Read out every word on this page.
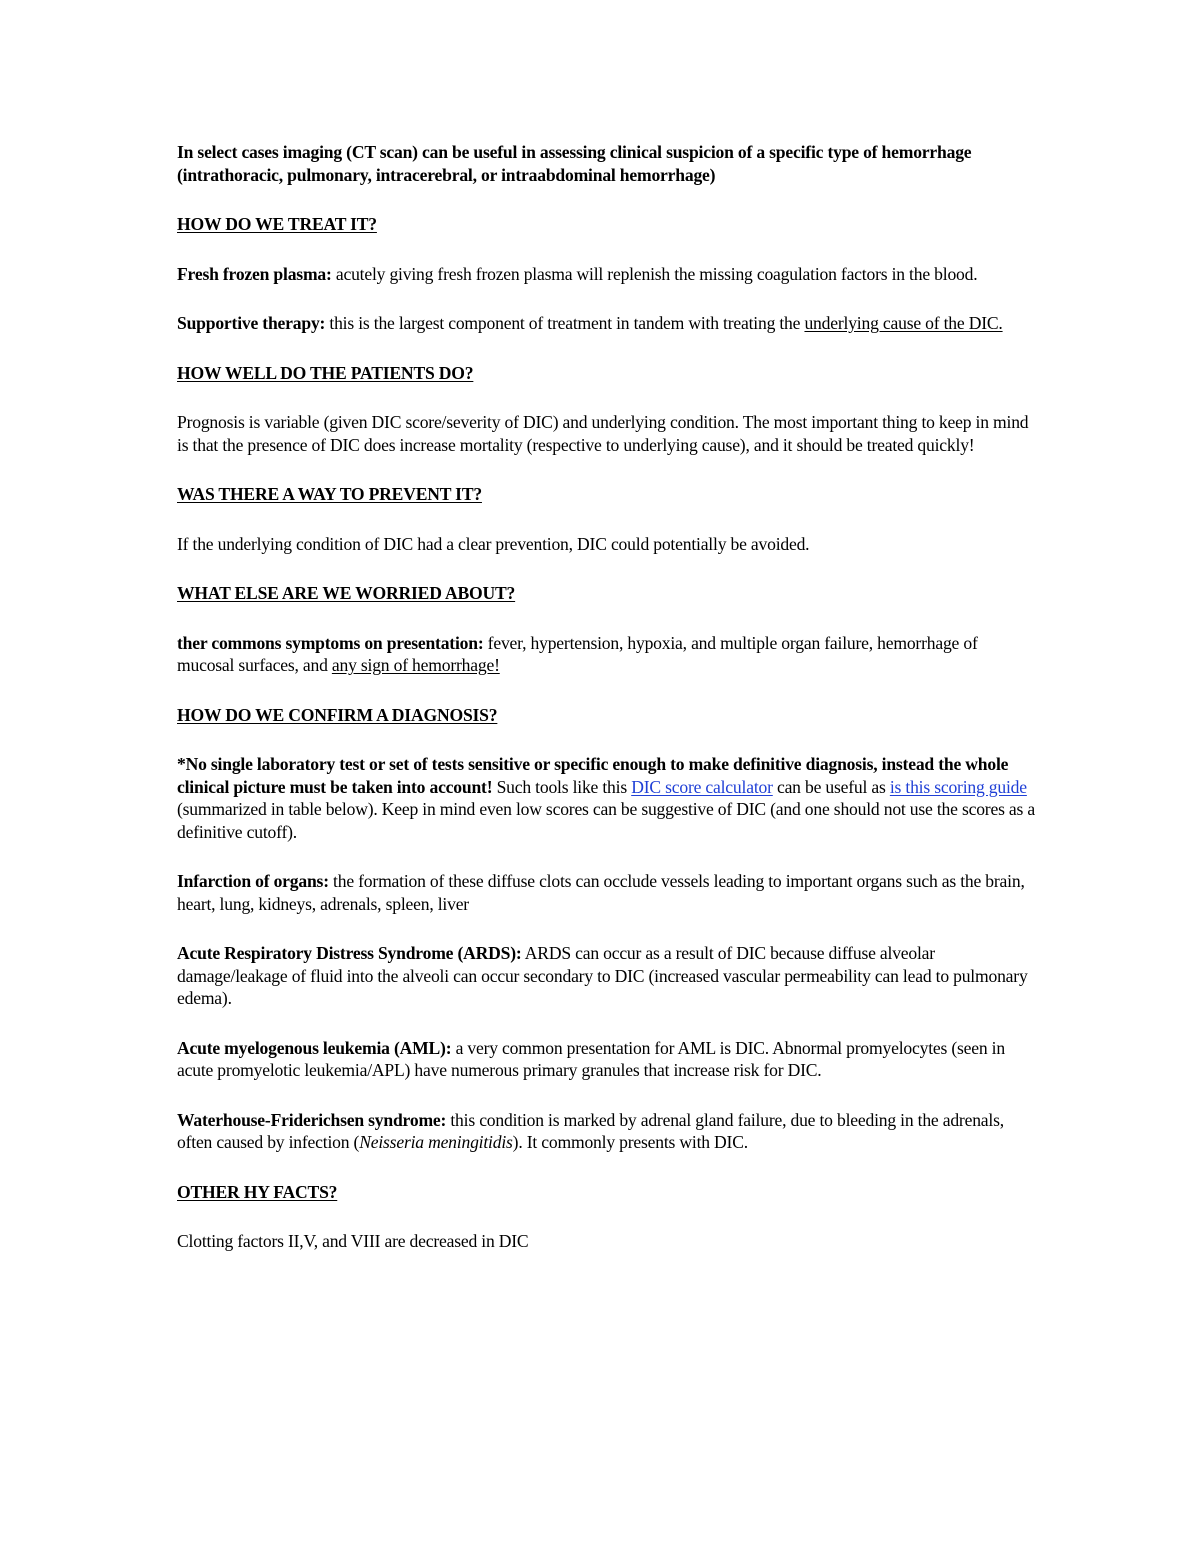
In select cases imaging (CT scan) can be useful in assessing clinical suspicion of a specific type of hemorrhage (intrathoracic, pulmonary, intracerebral, or intraabdominal hemorrhage)

HOW DO WE TREAT IT?

Fresh frozen plasma: acutely giving fresh frozen plasma will replenish the missing coagulation factors in the blood.

Supportive therapy: this is the largest component of treatment in tandem with treating the underlying cause of the DIC.

HOW WELL DO THE PATIENTS DO?

Prognosis is variable (given DIC score/severity of DIC) and underlying condition. The most important thing to keep in mind is that the presence of DIC does increase mortality (respective to underlying cause), and it should be treated quickly!

WAS THERE A WAY TO PREVENT IT?

If the underlying condition of DIC had a clear prevention, DIC could potentially be avoided.

WHAT ELSE ARE WE WORRIED ABOUT?

ther commons symptoms on presentation: fever, hypertension, hypoxia, and multiple organ failure, hemorrhage of mucosal surfaces, and any sign of hemorrhage!

HOW DO WE CONFIRM A DIAGNOSIS?

*No single laboratory test or set of tests sensitive or specific enough to make definitive diagnosis, instead the whole clinical picture must be taken into account! Such tools like this DIC score calculator can be useful as is this scoring guide (summarized in table below). Keep in mind even low scores can be suggestive of DIC (and one should not use the scores as a definitive cutoff).

Infarction of organs: the formation of these diffuse clots can occlude vessels leading to important organs such as the brain, heart, lung, kidneys, adrenals, spleen, liver

Acute Respiratory Distress Syndrome (ARDS): ARDS can occur as a result of DIC because diffuse alveolar damage/leakage of fluid into the alveoli can occur secondary to DIC (increased vascular permeability can lead to pulmonary edema).

Acute myelogenous leukemia (AML): a very common presentation for AML is DIC. Abnormal promyelocytes (seen in acute promyelotic leukemia/APL) have numerous primary granules that increase risk for DIC.

Waterhouse-Friderichsen syndrome: this condition is marked by adrenal gland failure, due to bleeding in the adrenals, often caused by infection (Neisseria meningitidis). It commonly presents with DIC.

OTHER HY FACTS?

Clotting factors II,V, and VIII are decreased in DIC
